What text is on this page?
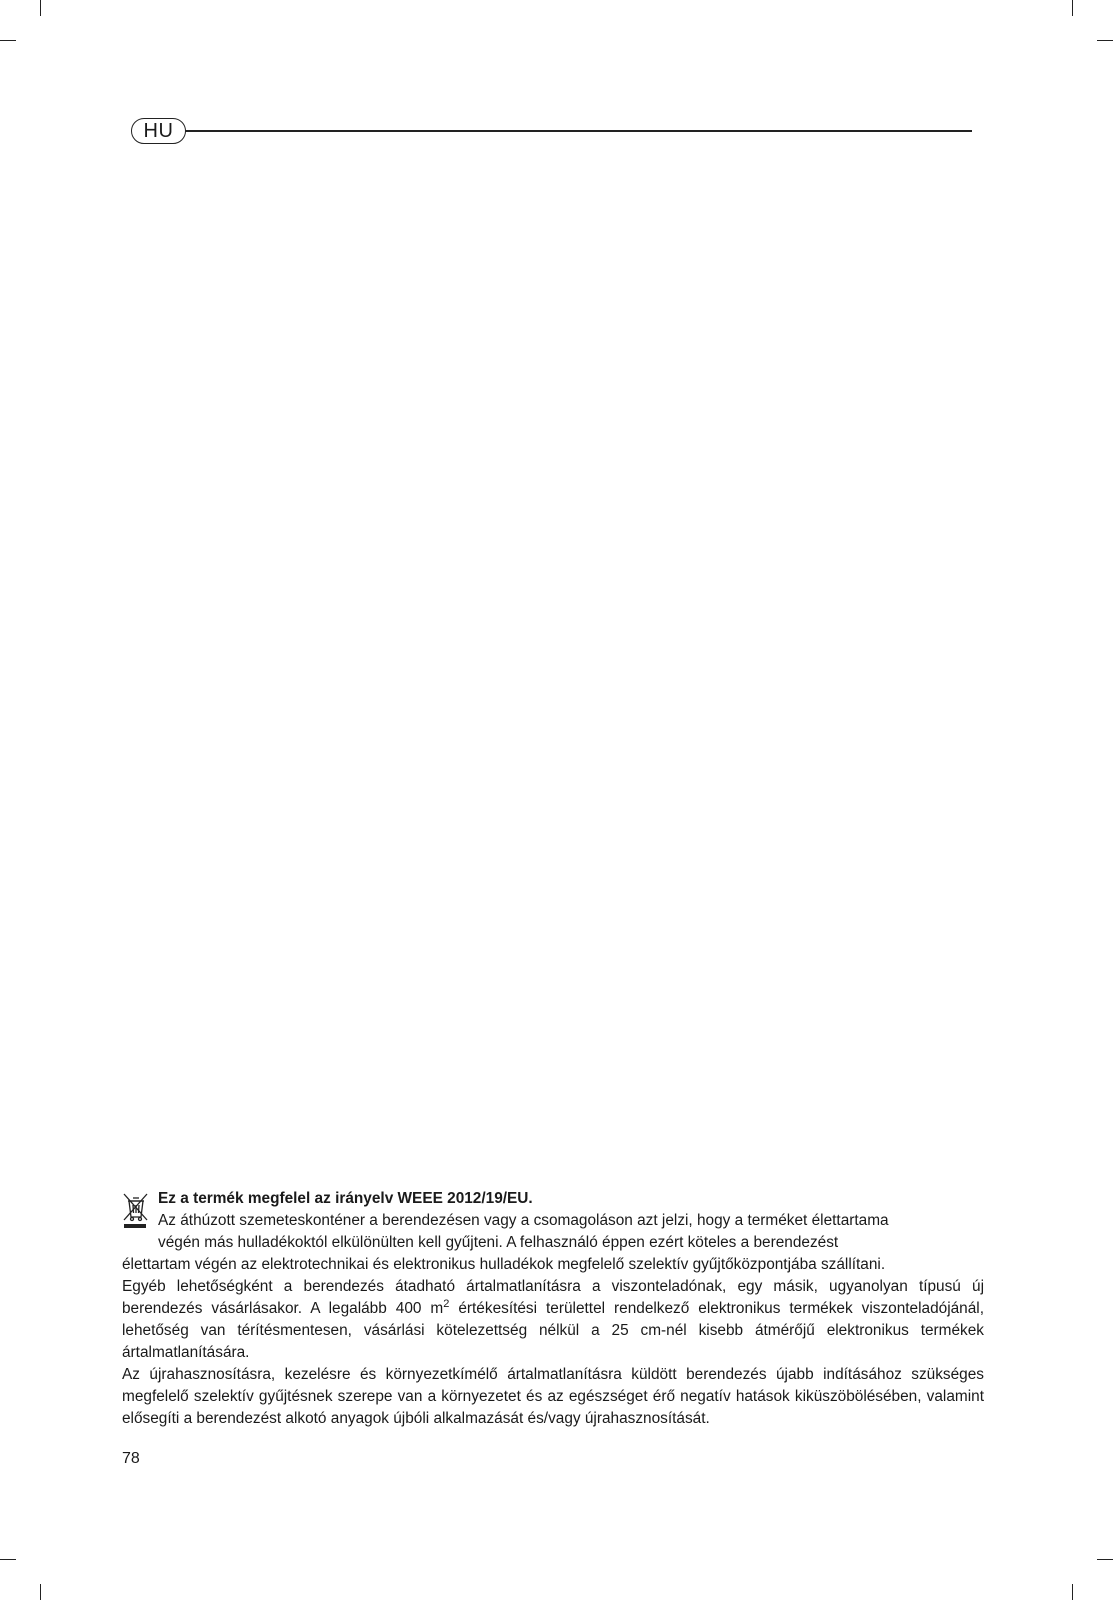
HU

Ez a termék megfelel az irányelv WEEE 2012/19/EU.

Az áthúzott szemeteskonténer a berendezésen vagy a csomagoláson azt jelzi, hogy a terméket élettartama

végén más hulladékoktól elkülönülten kell gyűjteni. A felhasználó éppen ezért köteles a berendezést

élettartam végén az elektrotechnikai és elektronikus hulladékok megfelelő szelektív gyűjtőközpontjába szállítani.

Egyéb lehetőségként a berendezés átadható ártalmatlanításra a viszonteladónak, egy másik, ugyanolyan típusú új berendezés vásárlásakor. A legalább 400 $m^2$ értékesítési területtel rendelkező elektronikus termékek viszonteladójánál, lehetőség van térítésmentesen, vásárlási kötelezettség nélkül a 25 cm-nél kisebb átmérőjű elektronikus termékek ártalmatlanítására.

Az újrahasznosításra, kezelésre és környezetkímélő ártalmatlanításra küldött berendezés újabb indításához szükséges megfelelő szelektív gyűjtésnek szerepe van a környezetet és az egészséget érő negatív hatások kiküszöbölésében, valamint elősegíti a berendezést alkotó anyagok újbóli alkalmazását és/vagy újrahasznosítását.

78
